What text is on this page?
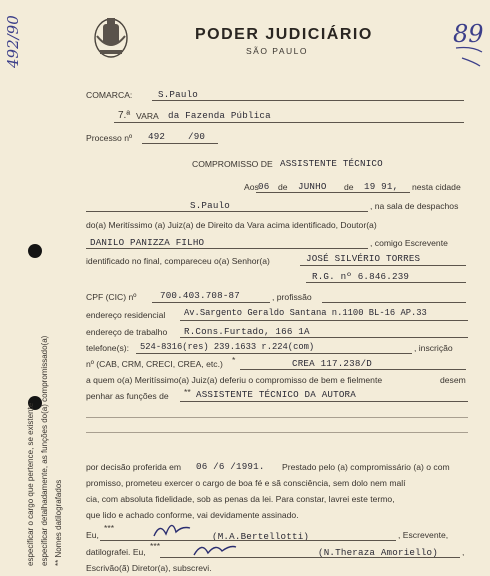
PODER JUDICIÁRIO
SÃO PAULO
492/90	89
COMARCA:	S.Paulo
7.ª VARA da Fazenda Pública
Processo nº 492 /90
COMPROMISSO DE ASSISTENTE TÉCNICO
Aos 06 de JUNHO de 19 91, nesta cidade
S.Paulo	, na sala de despachos
do(a) Meritíssimo (a) Juiz(a) de Direito da Vara acima identificado, Doutor(a)
DANILO PANIZZA FILHO	, comigo Escrevente
identificado no final, compareceu o(a) Senhor(a)	JOSÉ SILVÉRIO TORRES
R.G. nº 6.846.239
CPF (CIC) nº	700.403.708-87	, profissão
endereço residencial Av.Sargento Geraldo Santana n.1100 BL-16 AP.33
endereço de trabalho R.Cons.Furtado, 166 1A
telefone(s): 524-8316(res) 239.1633 r.224(com)	, inscrição
nº (CAB, CRM, CRECI, CREA, etc.) *	CREA 117.238/D
a quem o(a) Meritíssimo(a) Juiz(a) deferiu o compromisso de bem e fielmente	desem
penhar as funções de ** ASSISTENTE TÉCNICO DA AUTORA
por decisão proferida em 06 /6 /1991. Prestado pelo (a) compromissário (a) o com
promisso, prometeu exercer o cargo de boa fé e sã consciência, sem dolo nem malí
cia, com absoluta fidelidade, sob as penas da lei. Para constar, lavrei este termo,
que lido e achado conforme, vai devidamente assinado.
Eu,
***
(M.A.Bertellotti)	, Escrevente,
datilografei. Eu,
***
(N.Theraza Amoriello)	,
Escrivão(ã) Diretor(a), subscrevi.
especificar o cargo que pertence, se existente especificar detalhadamente, as funções do(a) compromissado(a) ** Nomes datilografados
